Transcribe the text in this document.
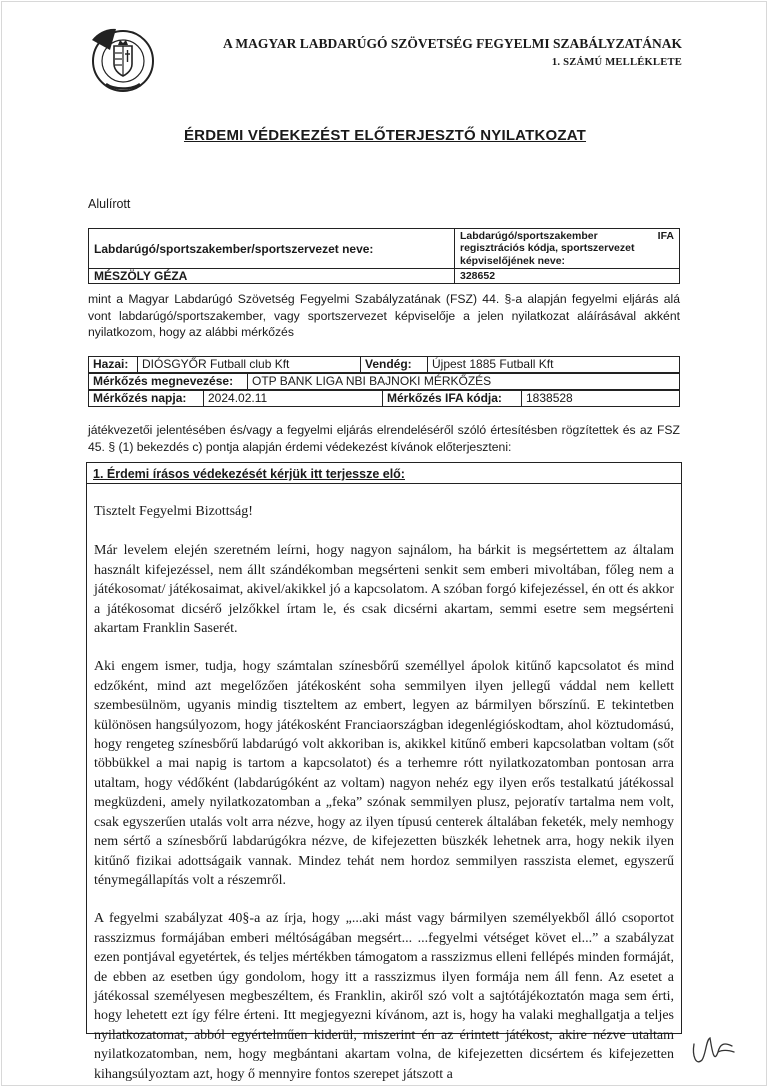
A MAGYAR LABDARÚGÓ SZÖVETSÉG FEGYELMI SZABÁLYZATÁNAK
1. SZÁMÚ MELLÉKLETE
ÉRDEMI VÉDEKEZÉST ELŐTERJESZTŐ NYILATKOZAT
Alulírott
Labdarúgó/sportszakember/sportszervezet neve:	Labdarúgó/sportszakember IFA
regisztrációs kódja, sportszervezet képviselőjének neve:

MÉSZÖLY GÉZA	328652
mint a Magyar Labdarúgó Szövetség Fegyelmi Szabályzatának (FSZ) 44. §-a alapján fegyelmi eljárás alá vont labdarúgó/sportszakember, vagy sportszervezet képviselője a jelen nyilatkozat aláírásával akként nyilatkozom, hogy az alábbi mérkőzés
Hazai:	DIÓSGYŐR Futball club Kft	Vendég:	Újpest 1885 Futball Kft
Mérkőzés megnevezése:	OTP BANK LIGA NBI BAJNOKI MÉRKŐZÉS
Mérkőzés napja:	2024.02.11	Mérkőzés IFA kódja:	1838528
játékvezetői jelentésében és/vagy a fegyelmi eljárás elrendeléséről szóló értesítésben rögzítettek és az FSZ 45. § (1) bekezdés c) pontja alapján érdemi védekezést kívánok előterjeszteni:
1. Érdemi írásos védekezését kérjük itt terjessze elő:

Tisztelt Fegyelmi Bizottság!

Már levelem elején szeretném leírni, hogy nagyon sajnálom, ha bárkit is megsértettem az általam használt kifejezéssel, nem állt szándékomban megsérteni senkit sem emberi mivoltában, főleg nem a játékosomat/ játékosaimat, akivel/akikkel jó a kapcsolatom. A szóban forgó kifejezéssel, én ott és akkor a játékosomat dicsérő jelzőkkel írtam le, és csak dicsérni akartam, semmi esetre sem megsérteni akartam Franklin Saserét.

Aki engem ismer, tudja, hogy számtalan színesbőrű személlyel ápolok kitűnő kapcsolatot és mind edzőként, mind azt megelőzően játékosként soha semmilyen ilyen jellegű váddal nem kellett szembesülnöm, ugyanis mindig tiszteltem az embert, legyen az bármilyen bőrszínű. E tekintetben különösen hangsúlyozom, hogy játékosként Franciaországban idegenlégióskodtam, ahol köztudomású, hogy rengeteg színesbőrű labdarúgó volt akkoriban is, akikkel kitűnő emberi kapcsolatban voltam (sőt többükkel a mai napig is tartom a kapcsolatot) és a terhemre rótt nyilatkozatomban pontosan arra utaltam, hogy védőként (labdarúgóként az voltam) nagyon nehéz egy ilyen erős testalkatú játékossal megküzdeni, amely nyilatkozatomban a „feka” szónak semmilyen plusz, pejoratív tartalma nem volt, csak egyszerűen utalás volt arra nézve, hogy az ilyen típusú centerek általában feketék, mely nemhogy nem sértő a színesbőrű labdarúgókra nézve, de kifejezetten büszkék lehetnek arra, hogy nekik ilyen kitűnő fizikai adottságaik vannak. Mindez tehát nem hordoz semmilyen rasszista elemet, egyszerű ténymegállapítás volt a részemről.

A fegyelmi szabályzat 40§-a az írja, hogy „...aki mást vagy bármilyen személyekből álló csoportot rasszizmus formájában emberi méltóságában megsért... ...fegyelmi vétséget követ el...” a szabályzat ezen pontjával egyetértek, és teljes mértékben támogatom a rasszizmus elleni fellépés minden formáját, de ebben az esetben úgy gondolom, hogy itt a rasszizmus ilyen formája nem áll fenn. Az esetet a játékossal személyesen megbeszéltem, és Franklin, akiről szó volt a sajtótájékoztatón maga sem érti, hogy lehetett ezt így félre érteni. Itt megjegyezni kívánom, azt is, hogy ha valaki meghallgatja a teljes nyilatkozatomat, abból egyértelműen kiderül, miszerint én az érintett játékost, akire nézve utaltam nyilatkozatomban, nem, hogy megbántani akartam volna, de kifejezetten dicsértem és kifejezetten kihangsúlyoztam azt, hogy ő mennyire fontos szerepet játszott a
